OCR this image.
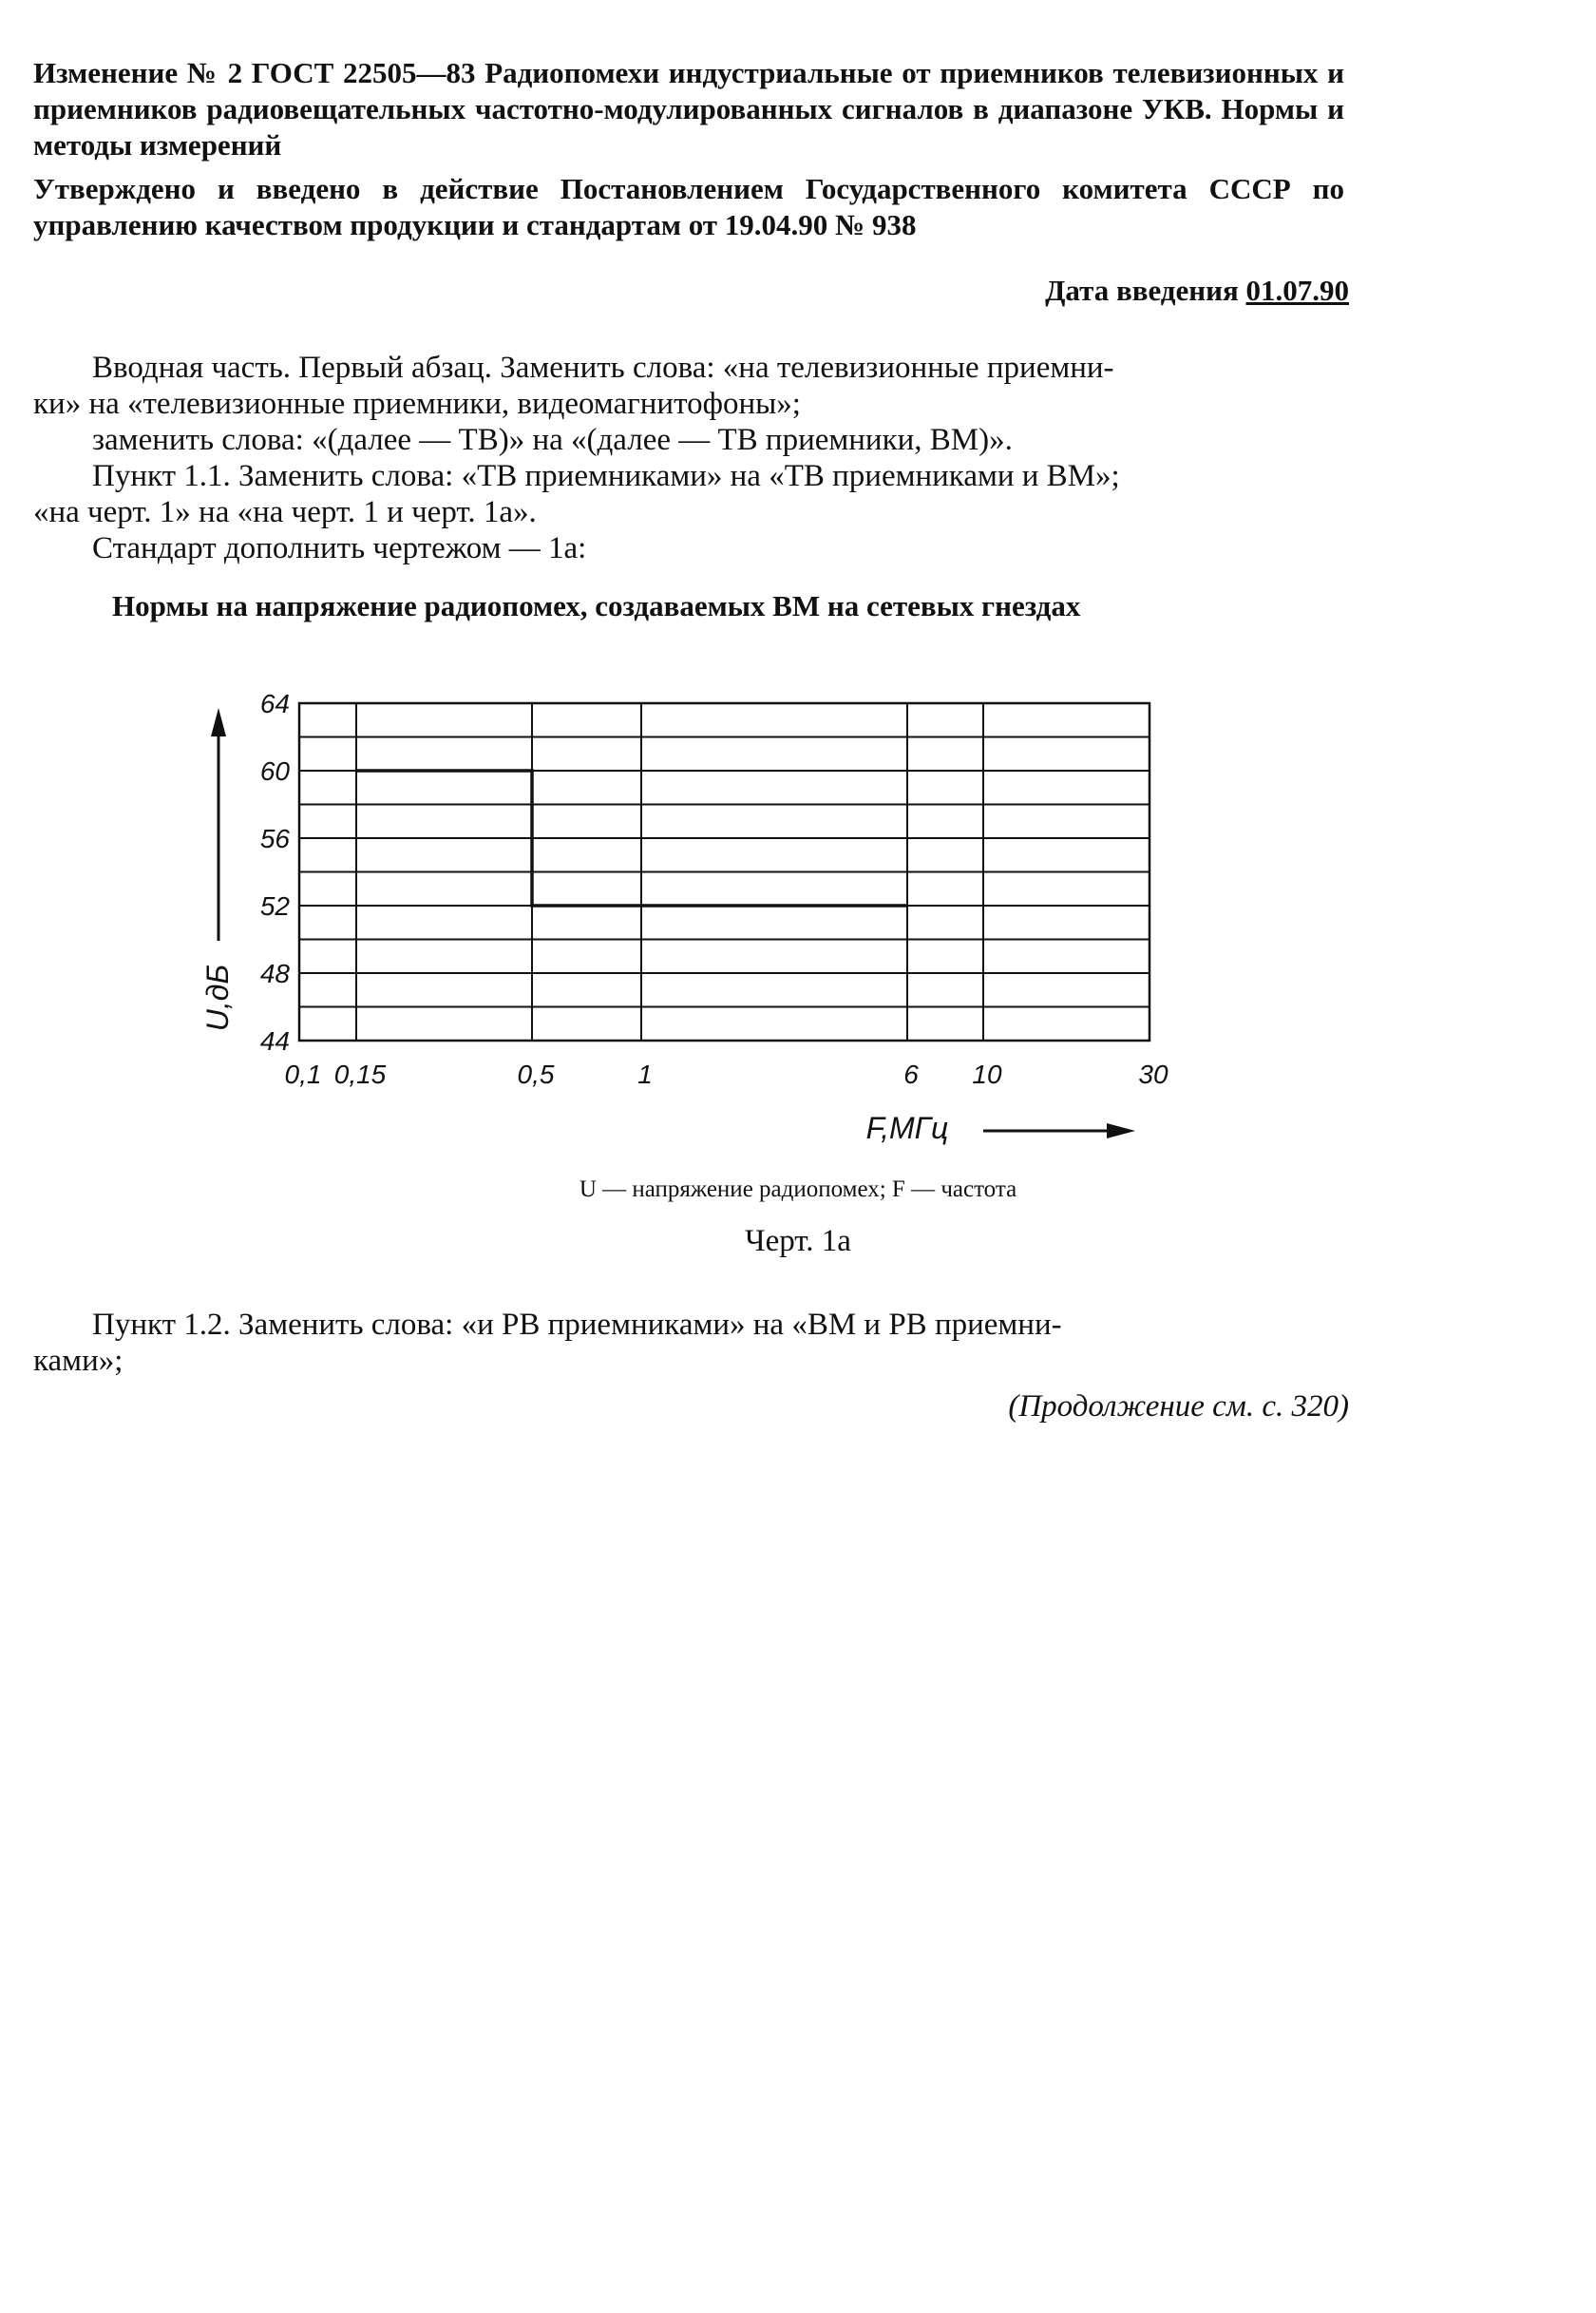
Изменение № 2 ГОСТ 22505—83 Радиопомехи индустриальные от приемников телевизионных и приемников радиовещательных частотно-модулированных сигналов в диапазоне УКВ. Нормы и методы измерений
Утверждено и введено в действие Постановлением Государственного комитета СССР по управлению качеством продукции и стандартам от 19.04.90 № 938
Дата введения 01.07.90
Вводная часть. Первый абзац. Заменить слова: «на телевизионные приемни-
ки» на «телевизионные приемники, видеомагнитофоны»;
заменить слова: «(далее — ТВ)» на «(далее — ТВ приемники, ВМ)».
Пункт 1.1. Заменить слова: «ТВ приемниками» на «ТВ приемниками и ВМ»;
«на черт. 1» на «на черт. 1 и черт. 1а».
Стандарт дополнить чертежом — 1а:
Нормы на напряжение радиопомех, создаваемых ВМ на сетевых гнездах
64
60
56
52
48
44
0,1 0,15	0,5	1	6 10	30
U,дБ
F,МГц
U — напряжение радиопомех; F — частота
Черт. 1а
Пункт 1.2. Заменить слова: «и РВ приемниками» на «ВМ и РВ приемни-
ками»;
(Продолжение см. с. 320)
